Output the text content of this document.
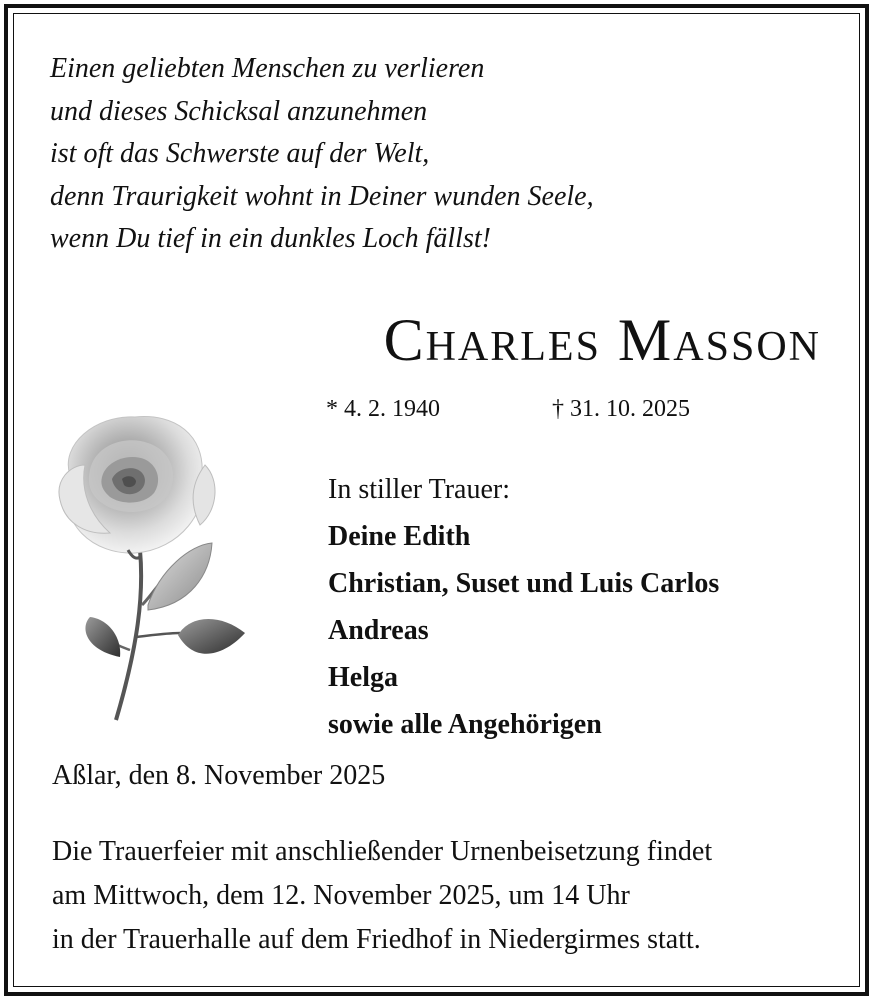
Einen geliebten Menschen zu verlieren
und dieses Schicksal anzunehmen
ist oft das Schwerste auf der Welt,
denn Traurigkeit wohnt in Deiner wunden Seele,
wenn Du tief in ein dunkles Loch fällst!
Charles Masson
* 4. 2. 1940	† 31. 10. 2025
In stiller Trauer:
Deine Edith
Christian, Suset und Luis Carlos
Andreas
Helga
sowie alle Angehörigen
Aßlar, den 8. November 2025
Die Trauerfeier mit anschließender Urnenbeisetzung findet
am Mittwoch, dem 12. November 2025, um 14 Uhr
in der Trauerhalle auf dem Friedhof in Niedergirmes statt.
